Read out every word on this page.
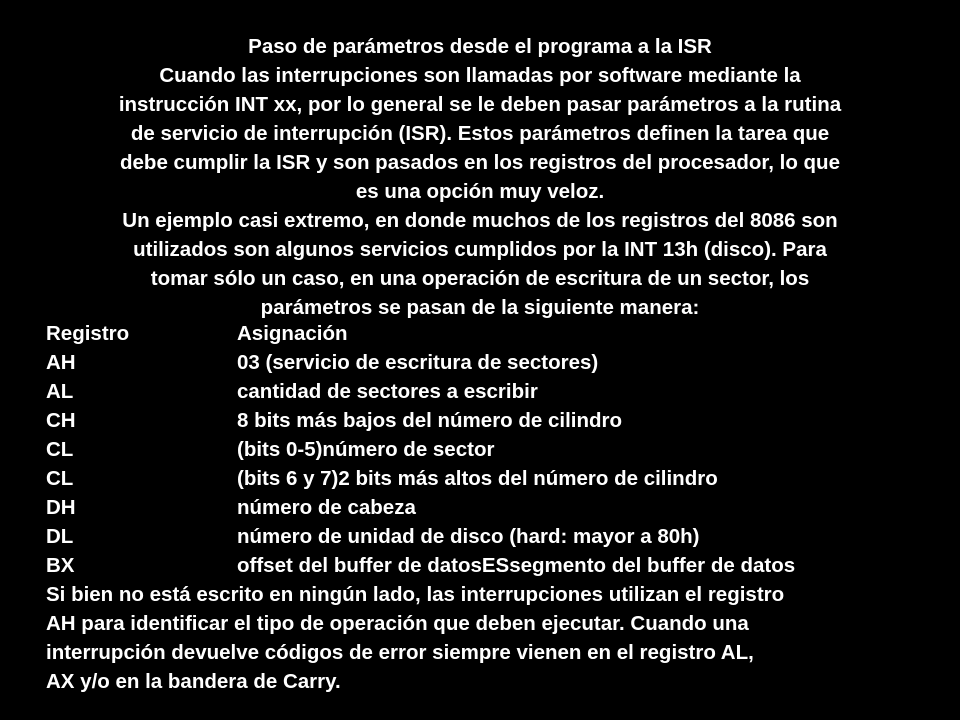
Paso de parámetros desde el programa a la ISR
Cuando las interrupciones son llamadas por software mediante la
instrucción INT xx, por lo general se le deben pasar parámetros a la rutina
de servicio de interrupción (ISR). Estos parámetros definen la tarea que
debe cumplir la ISR y son pasados en los registros del procesador, lo que
es una opción muy veloz.
Un ejemplo casi extremo, en donde muchos de los registros del 8086 son
utilizados son algunos servicios cumplidos por la INT 13h (disco). Para
tomar sólo un caso, en una operación de escritura de un sector, los
parámetros se pasan de la siguiente manera:
Registro	Asignación
AH	03 (servicio de escritura de sectores)
AL	cantidad de sectores a escribir
CH	8 bits más bajos del número de cilindro
CL	(bits 0-5)número de sector
CL	(bits 6 y 7)2 bits más altos del número de cilindro
DH	número de cabeza
DL	número de unidad de disco (hard: mayor a 80h)
BX	offset del buffer de datosESsegmento del buffer de datos
Si bien no está escrito en ningún lado, las interrupciones utilizan el registro
AH para identificar el tipo de operación que deben ejecutar. Cuando una
interrupción devuelve códigos de error siempre vienen en el registro AL,
AX y/o en la bandera de Carry.
